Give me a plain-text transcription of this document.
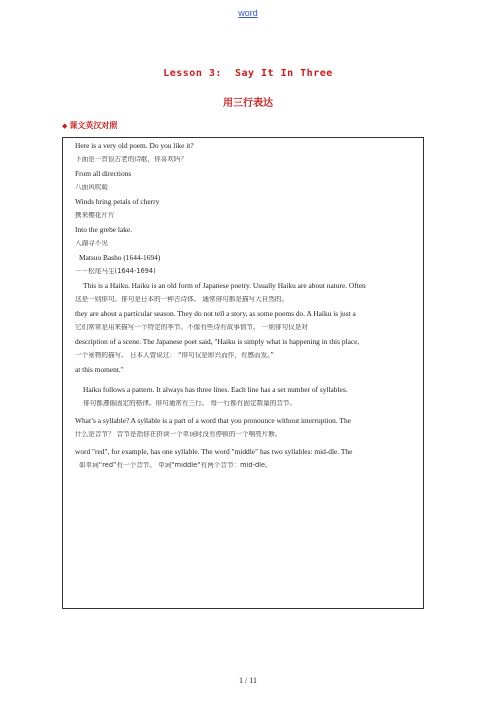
word
Lesson 3:  Say It In Three
用三行表达
◆ 课文英汉对照
Here is a very old poem. Do you like it?
下面是一首很古老的诗歌，你喜欢吗？
From all directions
八面风吹暖
Winds bring petals of cherry
携来樱花片片
Into the grebe lake.
入湖寻不见
Matsuo Basho (1644-1694)
－－松尾马生(1644-1694)
This is a Haiku. Haiku is an old form of Japanese poetry. Usually Haiku are about nature. Often
这是一则俳句。俳句是日本的一种古诗体。 通常俳句都是描写大自然的。
they are about a particular season. They do not tell a story, as some poems do. A Haiku is just a
它们常常是用来描写一个特定的季节。不像有些诗有故事情节。 一则俳句仅是对
description of a scene. The Japanese poet said, "Haiku is simply what is happening in this place,
一个景物的描写。 日本人曾说过： “俳句仅是即兴而作，有感而发。”
at this moment."
Haiku follows a pattern. It always has three lines. Each line has a set number of syllables.
俳句都遵循固定的格律。俳句通常有三行。 每一行都有固定数量的音节。
What’s a syllable? A syllable is a part of a word that you pronounce without interruption. The
什么是音节？ 音节是指你在拼读一个单词时没有停顿的一个响亮片断。
word "red", for example, has one syllable. The word "middle" has two syllables: mid-dle. The
如单词“red”有一个音节。 单词“middle“有两个音节：mid-dle。
1 / 11
